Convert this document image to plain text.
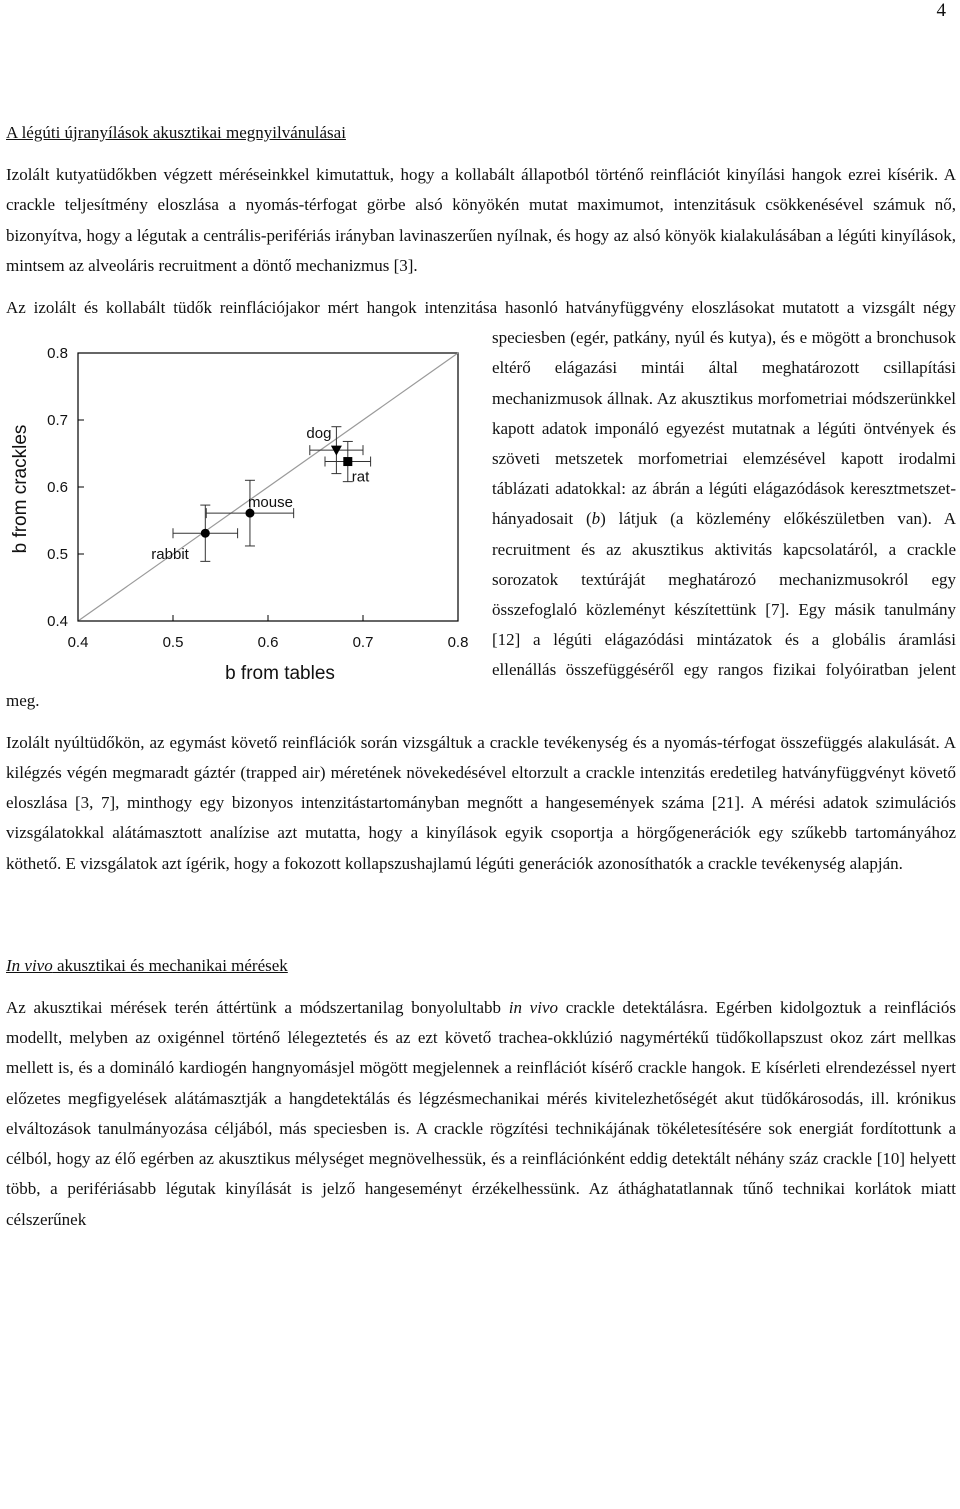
4

A légúti újranyílások akusztikai megnyilvánulásai

Izolált kutyatüdőkben végzett méréseinkkel kimutattuk, hogy a kollabált állapotból történő reinflációt kinyílási hangok ezrei kísérik. A crackle teljesítmény eloszlása a nyomás-térfogat görbe alsó könyökén mutat maximumot, intenzitásuk csökkenésével számuk nő, bizonyítva, hogy a légutak a centrális-perifériás irányban lavinaszerűen nyílnak, és hogy az alsó könyök kialakulásában a légúti kinyílások, mintsem az alveoláris recruitment a döntő mechanizmus [3].

Az izolált és kollabált tüdők reinflációjakor mért hangok intenzitása hasonló hatványfüggvény
0.4	0.5	0.6	0.7	0.8
0.4
0.5
0.6
0.7
0.8
b from tables
b from crackles
rabbit
mouse
dog
rat
eloszlásokat mutatott a vizsgált négy speciesben (egér, patkány, nyúl és kutya), és e mögött a bronchusok eltérő elágazási mintái által meghatározott csillapítási mechanizmusok állnak. Az akusztikus morfometriai módszerünkkel kapott adatok imponáló egyezést mutatnak a légúti öntvények és szöveti metszetek morfometriai elemzésével kapott irodalmi táblázati adatokkal: az ábrán a légúti elágazódások keresztmetszet-hányadosait (b) látjuk (a közlemény előkészületben van). A recruitment és az akusztikus aktivitás kapcsolatáról, a crackle sorozatok textúráját meghatározó mechanizmusokról egy összefoglaló közleményt készítettünk [7]. Egy másik tanulmány [12] a légúti elágazódási mintázatok és a globális áramlási ellenállás összefüggéséről egy rangos fizikai folyóiratban jelent meg.

Izolált nyúltüdőkön, az egymást követő reinflációk során vizsgáltuk a crackle tevékenység és a nyomás-térfogat összefüggés alakulását. A kilégzés végén megmaradt gáztér (trapped air) méretének növekedésével eltorzult a crackle intenzitás eredetileg hatványfüggvényt követő eloszlása [3, 7], minthogy egy bizonyos intenzitástartományban megnőtt a hangesemények száma [21]. A mérési adatok szimulációs vizsgálatokkal alátámasztott analízise azt mutatta, hogy a kinyílások egyik csoportja a hörgőgenerációk egy szűkebb tartományához köthető. E vizsgálatok azt ígérik, hogy a fokozott kollapszushajlamú légúti generációk azonosíthatók a crackle tevékenység alapján.

In vivo akusztikai és mechanikai mérések

Az akusztikai mérések terén áttértünk a módszertanilag bonyolultabb in vivo crackle detektálásra. Egérben kidolgoztuk a reinflációs modellt, melyben az oxigénnel történő lélegeztetés és az ezt követő trachea-okklúzió nagymértékű tüdőkollapszust okoz zárt mellkas mellett is, és a domináló kardiogén hangnyomásjel mögött megjelennek a reinflációt kísérő crackle hangok. E kísérleti elrendezéssel nyert előzetes megfigyelések alátámasztják a hangdetektálás és légzésmechanikai mérés kivitelezhetőségét akut tüdőkárosodás, ill. krónikus elváltozások tanulmányozása céljából, más speciesben is. A crackle rögzítési technikájának tökéletesítésére sok energiát fordítottunk a célból, hogy az élő egérben az akusztikus mélységet megnövelhessük, és a reinflációnként eddig detektált néhány száz crackle [10] helyett több, a perifériásabb légutak kinyílását is jelző hangeseményt érzékelhessünk. Az áthághatatlannak tűnő technikai korlátok miatt célszerűnek
